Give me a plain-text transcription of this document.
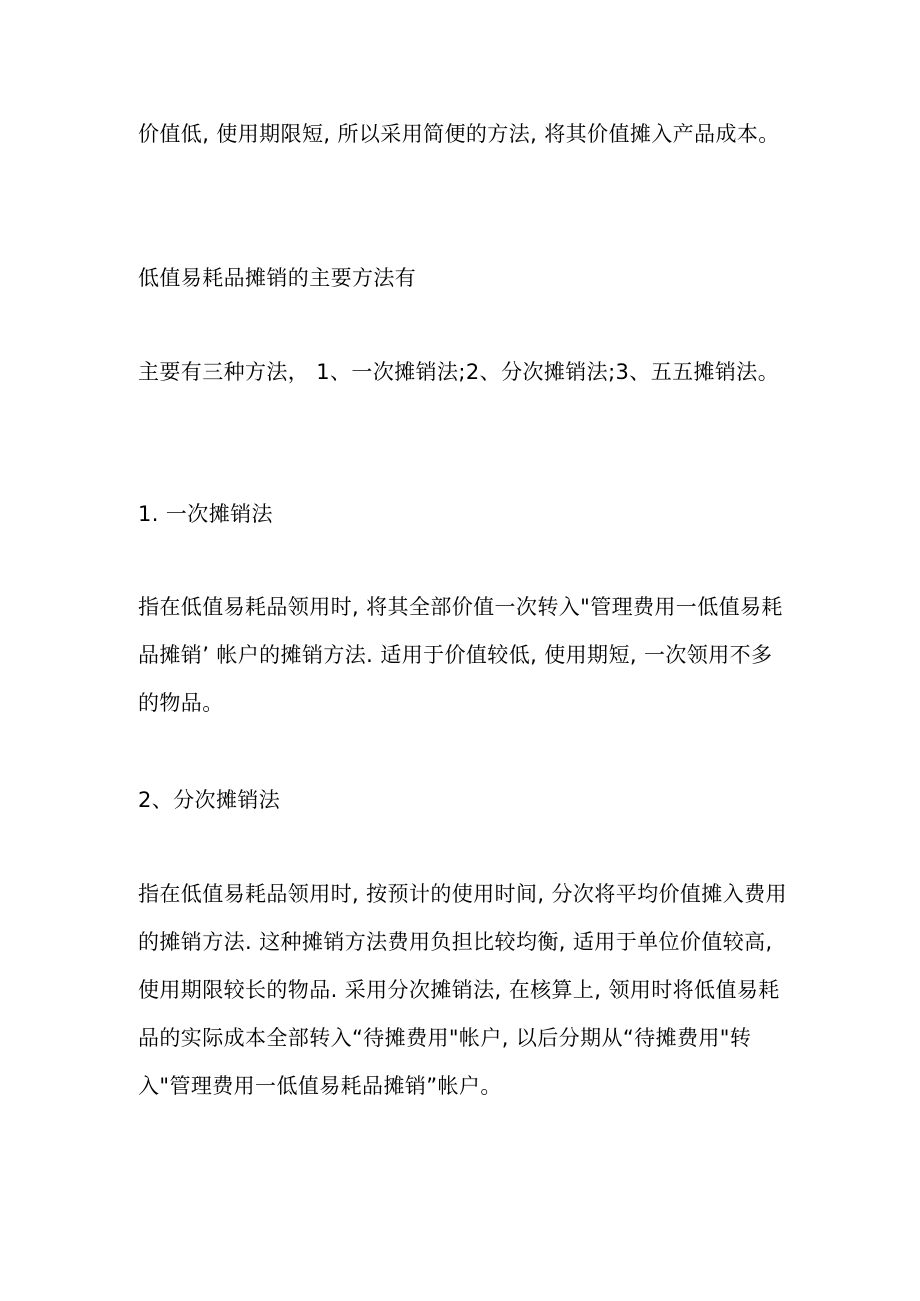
价值低, 使用期限短, 所以采用简便的方法, 将其价值摊入产品成本。

低值易耗品摊销的主要方法有

主要有三种方法， 1、一次摊销法;2、分次摊销法;3、五五摊销法。

1. 一次摊销法

指在低值易耗品领用时, 将其全部价值一次转入"管理费用一低值易耗品摊销’ 帐户的摊销方法. 适用于价值较低, 使用期短, 一次领用不多的物品。

2、分次摊销法

指在低值易耗品领用时, 按预计的使用时间, 分次将平均价值摊入费用的摊销方法. 这种摊销方法费用负担比较均衡, 适用于单位价值较高, 使用期限较长的物品. 采用分次摊销法, 在核算上, 领用时将低值易耗品的实际成本全部转入“待摊费用"帐户, 以后分期从“待摊费用"转入"管理费用一低值易耗品摊销”帐户。
